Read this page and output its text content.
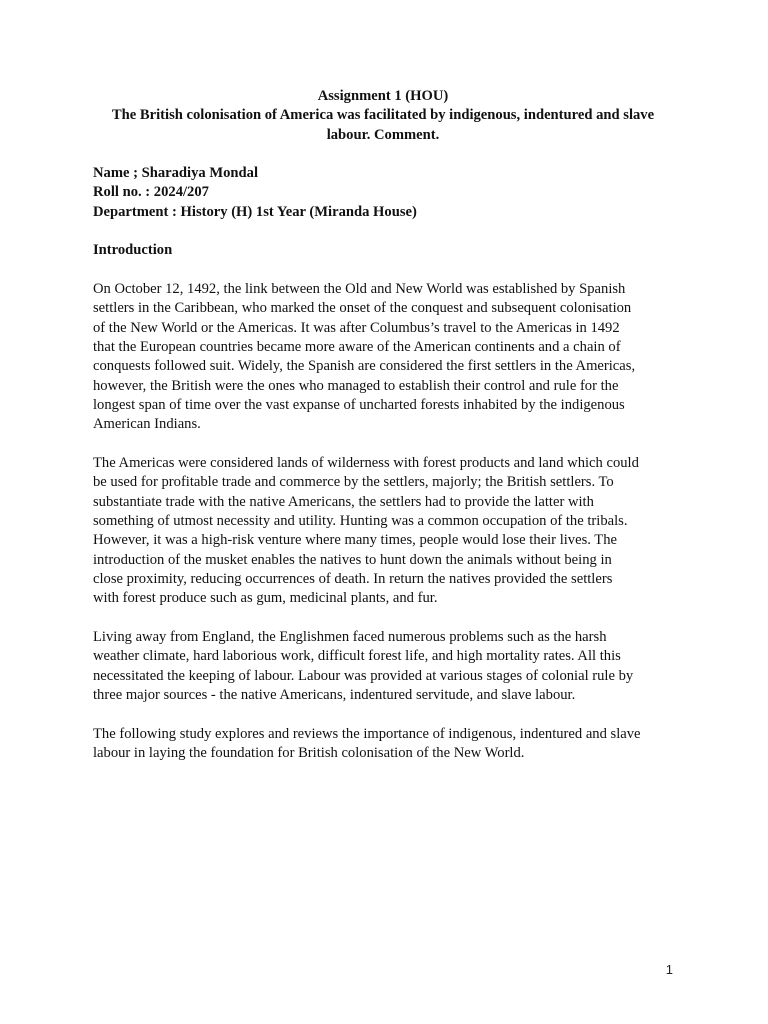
Assignment 1 (HOU)
The British colonisation of America was facilitated by indigenous, indentured and slave
labour. Comment.
Name ; Sharadiya Mondal
Roll no. : 2024/207
Department : History (H) 1st Year (Miranda House)
Introduction

On October 12, 1492, the link between the Old and New World was established by Spanish
settlers in the Caribbean, who marked the onset of the conquest and subsequent colonisation
of the New World or the Americas. It was after Columbus’s travel to the Americas in 1492
that the European countries became more aware of the American continents and a chain of
conquests followed suit. Widely, the Spanish are considered the first settlers in the Americas,
however, the British were the ones who managed to establish their control and rule for the
longest span of time over the vast expanse of uncharted forests inhabited by the indigenous
American Indians.

The Americas were considered lands of wilderness with forest products and land which could
be used for profitable trade and commerce by the settlers, majorly; the British settlers. To
substantiate trade with the native Americans, the settlers had to provide the latter with
something of utmost necessity and utility. Hunting was a common occupation of the tribals.
However, it was a high-risk venture where many times, people would lose their lives. The
introduction of the musket enables the natives to hunt down the animals without being in
close proximity, reducing occurrences of death. In return the natives provided the settlers
with forest produce such as gum, medicinal plants, and fur.

Living away from England, the Englishmen faced numerous problems such as the harsh
weather climate, hard laborious work, difficult forest life, and high mortality rates. All this
necessitated the keeping of labour. Labour was provided at various stages of colonial rule by
three major sources - the native Americans, indentured servitude, and slave labour.

The following study explores and reviews the importance of indigenous, indentured and slave
labour in laying the foundation for British colonisation of the New World.

1
